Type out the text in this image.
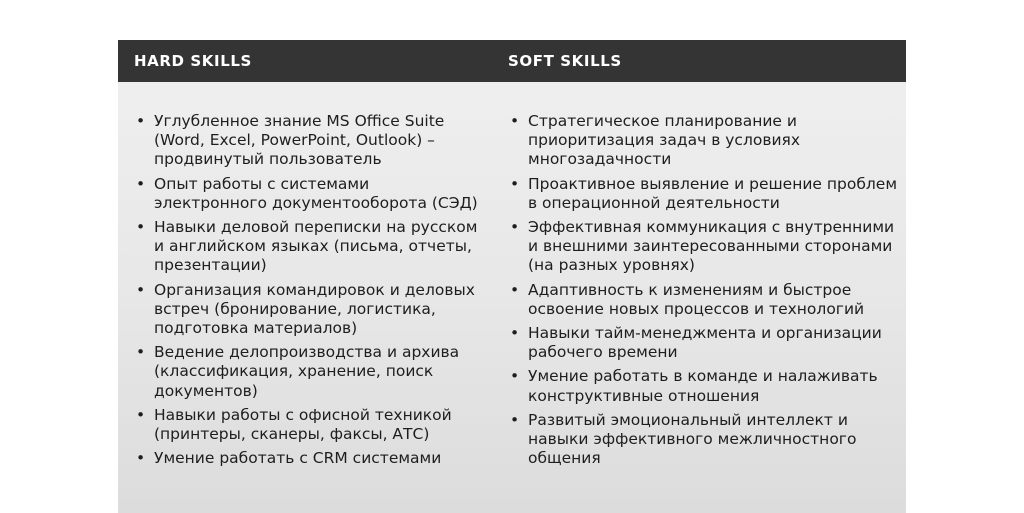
HARD SKILLS	SOFT SKILLS
• Углубленное знание MS Office Suite (Word, Excel, PowerPoint, Outlook) – продвинутый пользователь
• Опыт работы с системами электронного документооборота (СЭД)
• Навыки деловой переписки на русском и английском языках (письма, отчеты, презентации)
• Организация командировок и деловых встреч (бронирование, логистика, подготовка материалов)
• Ведение делопроизводства и архива (классификация, хранение, поиск документов)
• Навыки работы с офисной техникой (принтеры, сканеры, факсы, АТС)
• Умение работать с CRM системами
• Стратегическое планирование и приоритизация задач в условиях многозадачности
• Проактивное выявление и решение проблем в операционной деятельности
• Эффективная коммуникация с внутренними и внешними заинтересованными сторонами (на разных уровнях)
• Адаптивность к изменениям и быстрое освоение новых процессов и технологий
• Навыки тайм-менеджмента и организации рабочего времени
• Умение работать в команде и налаживать конструктивные отношения
• Развитый эмоциональный интеллект и навыки эффективного межличностного общения
